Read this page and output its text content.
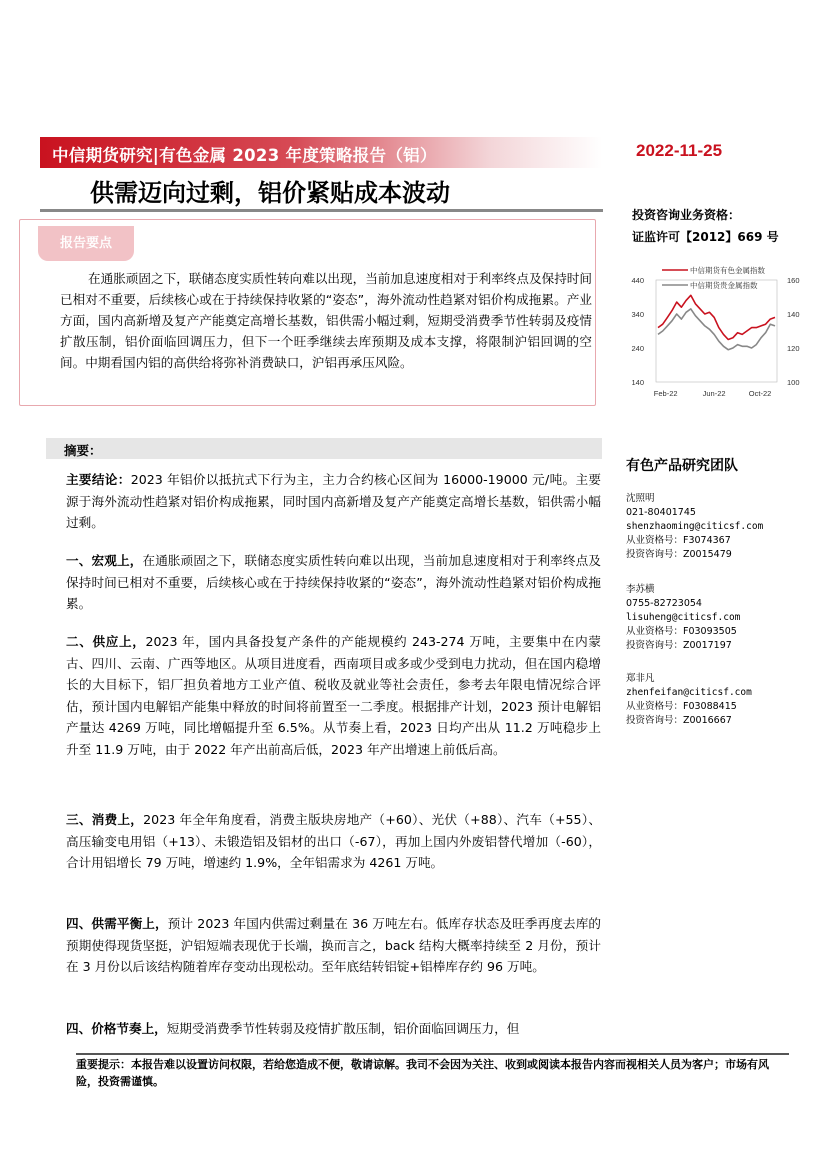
中信期货研究|有色金属 2023 年度策略报告（铝）	2022-11-25
供需迈向过剩，铝价紧贴成本波动
报告要点
在通胀顽固之下，联储态度实质性转向难以出现，当前加息速度相对于利率终点及保持时间已相对不重要，后续核心或在于持续保持收紧的“姿态”，海外流动性趋紧对铝价构成拖累。产业方面，国内高新增及复产产能奠定高增长基数，铝供需小幅过剩，短期受消费季节性转弱及疫情扩散压制，铝价面临回调压力，但下一个旺季继续去库预期及成本支撑，将限制沪铝回调的空间。中期看国内铝的高供给将弥补消费缺口，沪铝再承压风险。
投资咨询业务资格：
证监许可【2012】669 号
140
240
340
440
100
120
140
160
Feb-22	Jun-22	Oct-22
中信期货有色金属指数
中信期货贵金属指数
摘要：
主要结论：2023 年铝价以抵抗式下行为主，主力合约核心区间为 16000-19000 元/吨。主要源于海外流动性趋紧对铝价构成拖累，同时国内高新增及复产产能奠定高增长基数，铝供需小幅过剩。
一、宏观上，在通胀顽固之下，联储态度实质性转向难以出现，当前加息速度相对于利率终点及保持时间已相对不重要，后续核心或在于持续保持收紧的“姿态”，海外流动性趋紧对铝价构成拖累。
二、供应上，2023 年，国内具备投复产条件的产能规模约 243-274 万吨，主要集中在内蒙古、四川、云南、广西等地区。从项目进度看，西南项目或多或少受到电力扰动，但在国内稳增长的大目标下，铝厂担负着地方工业产值、税收及就业等社会责任，参考去年限电情况综合评估，预计国内电解铝产能集中释放的时间将前置至一二季度。根据排产计划，2023 预计电解铝产量达 4269 万吨，同比增幅提升至 6.5%。从节奏上看，2023 日均产出从 11.2 万吨稳步上升至 11.9 万吨，由于 2022 年产出前高后低，2023 年产出增速上前低后高。
三、消费上，2023 年全年角度看，消费主版块房地产（+60）、光伏（+88）、汽车（+55）、高压输变电用铝（+13）、未锻造铝及铝材的出口（-67），再加上国内外废铝替代增加（-60），合计用铝增长 79 万吨，增速约 1.9%，全年铝需求为 4261 万吨。
四、供需平衡上，预计 2023 年国内供需过剩量在 36 万吨左右。低库存状态及旺季再度去库的预期使得现货坚挺，沪铝短端表现优于长端，换而言之，back 结构大概率持续至 2 月份，预计在 3 月份以后该结构随着库存变动出现松动。至年底结转铝锭+铝棒库存约 96 万吨。
四、价格节奏上，短期受消费季节性转弱及疫情扩散压制，铝价面临回调压力，但
有色产品研究团队
沈照明
021-80401745
shenzhaoming@citicsf.com
从业资格号：F3074367
投资咨询号：Z0015479
李苏横
0755-82723054
lisuheng@citicsf.com
从业资格号：F03093505
投资咨询号：Z0017197
郑非凡
zhenfeifan@citicsf.com
从业资格号：F03088415
投资咨询号：Z0016667
重要提示：本报告难以设置访问权限，若给您造成不便，敬请谅解。我司不会因为关注、收到或阅读本报告内容而视相关人员为客户；市场有风险，投资需谨慎。
